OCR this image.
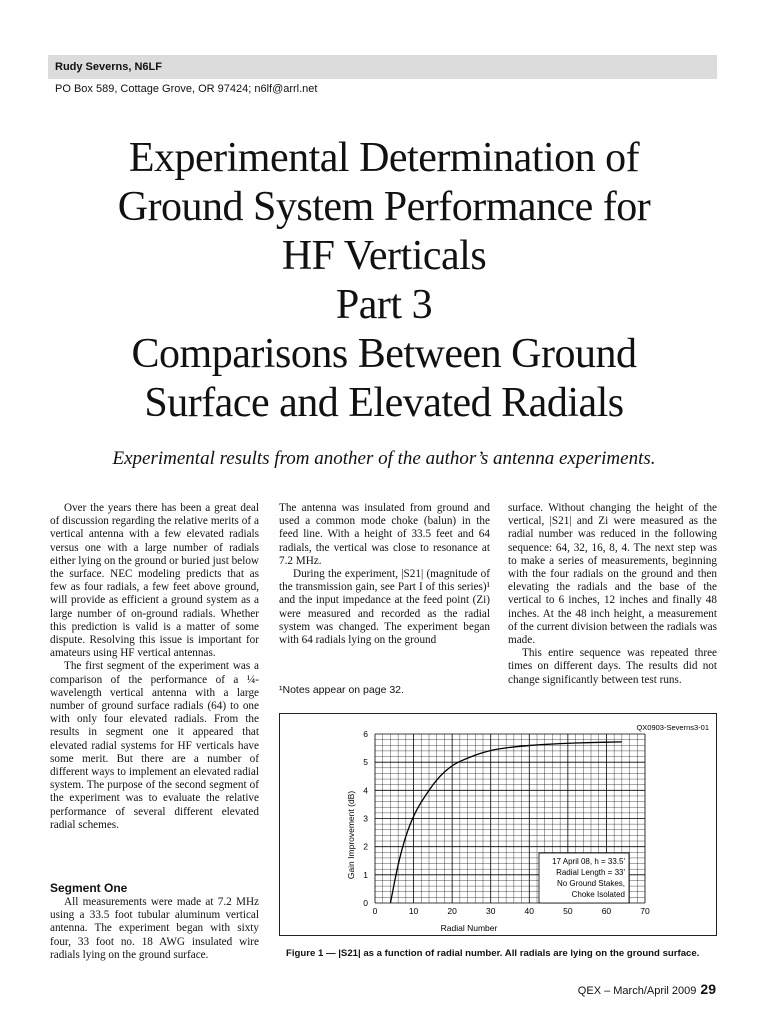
Rudy Severns, N6LF
PO Box 589, Cottage Grove, OR 97424; n6lf@arrl.net
Experimental Determination of
Ground System Performance for
HF Verticals
Part 3
Comparisons Between Ground
Surface and Elevated Radials
Experimental results from another of the author’s antenna experiments.

Over the years there has been a great deal of discussion regarding the relative merits of a vertical antenna with a few elevated radials versus one with a large number of radials either lying on the ground or buried just below the surface. NEC modeling predicts that as few as four radials, a few feet above ground, will provide as efficient a ground system as a large number of on-ground radials. Whether this prediction is valid is a matter of some dispute. Resolving this issue is important for amateurs using HF vertical antennas.

The first segment of the experiment was a comparison of the performance of a ¼-wavelength vertical antenna with a large number of ground surface radials (64) to one with only four elevated radials. From the results in segment one it appeared that elevated radial systems for HF verticals have some merit. But there are a number of different ways to implement an elevated radial system. The purpose of the second segment of the experiment was to evaluate the relative performance of several different elevated radial schemes.

Segment One

All measurements were made at 7.2 MHz using a 33.5 foot tubular aluminum vertical antenna. The experiment began with sixty four, 33 foot no. 18 AWG insulated wire radials lying on the ground surface.

The antenna was insulated from ground and used a common mode choke (balun) in the feed line. With a height of 33.5 feet and 64 radials, the vertical was close to resonance at 7.2 MHz.

During the experiment, |S21| (magnitude of the transmission gain, see Part I of this series)¹ and the input impedance at the feed point (Zi) were measured and recorded as the radial system was changed. The experiment began with 64 radials lying on the ground

¹Notes appear on page 32.

surface. Without changing the height of the vertical, |S21| and Zi were measured as the radial number was reduced in the following sequence: 64, 32, 16, 8, 4. The next step was to make a series of measurements, beginning with the four radials on the ground and then elevating the radials and the base of the vertical to 6 inches, 12 inches and finally 48 inches. At the 48 inch height, a measurement of the current division between the radials was made.

This entire sequence was repeated three times on different days. The results did not change significantly between test runs.

0	10	20	30	40	50	60	70
0
1
2
3
4
5
6
QX0903-Severns3-01
Gain Improvement (dB)
Radial Number
17 April 08, h = 33.5'
Radial Length = 33'
No Ground Stakes,
Choke Isolated
Figure 1 — |S21| as a function of radial number. All radials are lying on the ground surface.
QEX – March/April 2009 29
